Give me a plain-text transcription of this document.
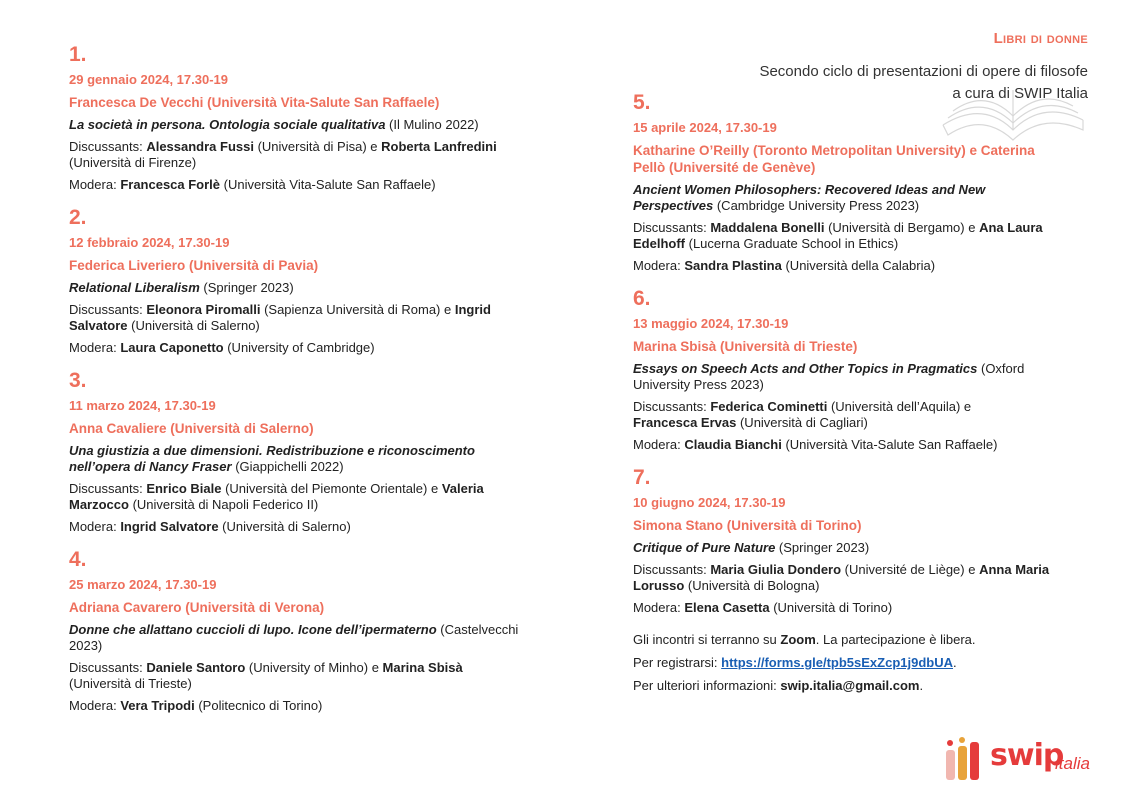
Libri di donne
Secondo ciclo di presentazioni di opere di filosofe
a cura di SWIP Italia
1.
29 gennaio 2024, 17.30-19
Francesca De Vecchi (Università Vita-Salute San Raffaele)
La società in persona. Ontologia sociale qualitativa (Il Mulino 2022)
Discussants: Alessandra Fussi (Università di Pisa) e Roberta Lanfredini (Università di Firenze)
Modera: Francesca Forlè (Università Vita-Salute San Raffaele)
2.
12 febbraio 2024, 17.30-19
Federica Liveriero (Università di Pavia)
Relational Liberalism (Springer 2023)
Discussants: Eleonora Piromalli (Sapienza Università di Roma) e Ingrid Salvatore (Università di Salerno)
Modera: Laura Caponetto (University of Cambridge)
3.
11 marzo 2024, 17.30-19
Anna Cavaliere (Università di Salerno)
Una giustizia a due dimensioni. Redistribuzione e riconoscimento nell’opera di Nancy Fraser (Giappichelli 2022)
Discussants: Enrico Biale (Università del Piemonte Orientale) e Valeria Marzocco (Università di Napoli Federico II)
Modera: Ingrid Salvatore (Università di Salerno)
4.
25 marzo 2024, 17.30-19
Adriana Cavarero (Università di Verona)
Donne che allattano cuccioli di lupo. Icone dell’ipermaterno (Castelvecchi 2023)
Discussants: Daniele Santoro (University of Minho) e Marina Sbisà (Università di Trieste)
Modera: Vera Tripodi (Politecnico di Torino)
5.
15 aprile 2024, 17.30-19
Katharine O’Reilly (Toronto Metropolitan University) e Caterina Pellò (Université de Genève)
Ancient Women Philosophers: Recovered Ideas and New Perspectives (Cambridge University Press 2023)
Discussants: Maddalena Bonelli (Università di Bergamo) e Ana Laura Edelhoff (Lucerna Graduate School in Ethics)
Modera: Sandra Plastina (Università della Calabria)
6.
13 maggio 2024, 17.30-19
Marina Sbisà (Università di Trieste)
Essays on Speech Acts and Other Topics in Pragmatics (Oxford University Press 2023)
Discussants: Federica Cominetti (Università dell’Aquila) e Francesca Ervas (Università di Cagliari)
Modera: Claudia Bianchi (Università Vita-Salute San Raffaele)
7.
10 giugno 2024, 17.30-19
Simona Stano (Università di Torino)
Critique of Pure Nature (Springer 2023)
Discussants: Maria Giulia Dondero (Université de Liège) e Anna Maria Lorusso (Università di Bologna)
Modera: Elena Casetta (Università di Torino)
Gli incontri si terranno su Zoom. La partecipazione è libera.
Per registrarsi: https://forms.gle/tpb5sExZcp1j9dbUA.
Per ulteriori informazioni: swip.italia@gmail.com.
swip
italia
